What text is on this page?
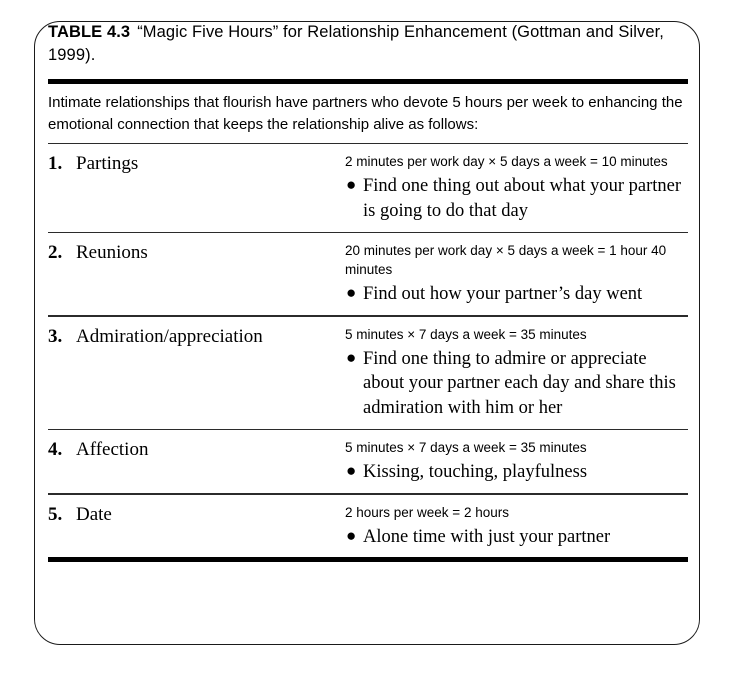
TABLE 4.3 “Magic Five Hours” for Relationship Enhancement (Gottman and Silver, 1999).

Intimate relationships that flourish have partners who devote 5 hours per week to enhancing the emotional connection that keeps the relationship alive as follows:

1. Partings	2 minutes per work day × 5 days a week = 10 minutes

● Find one thing out about what your partner is going to do that day
2. Reunions	20 minutes per work day × 5 days a week = 1 hour 40 minutes

● Find out how your partner’s day went
3. Admiration/appreciation	5 minutes × 7 days a week = 35 minutes

● Find one thing to admire or appreciate about your partner each day and share this admiration with him or her
4. Affection	5 minutes × 7 days a week = 35 minutes

● Kissing, touching, playfulness
5. Date	2 hours per week = 2 hours

● Alone time with just your partner
